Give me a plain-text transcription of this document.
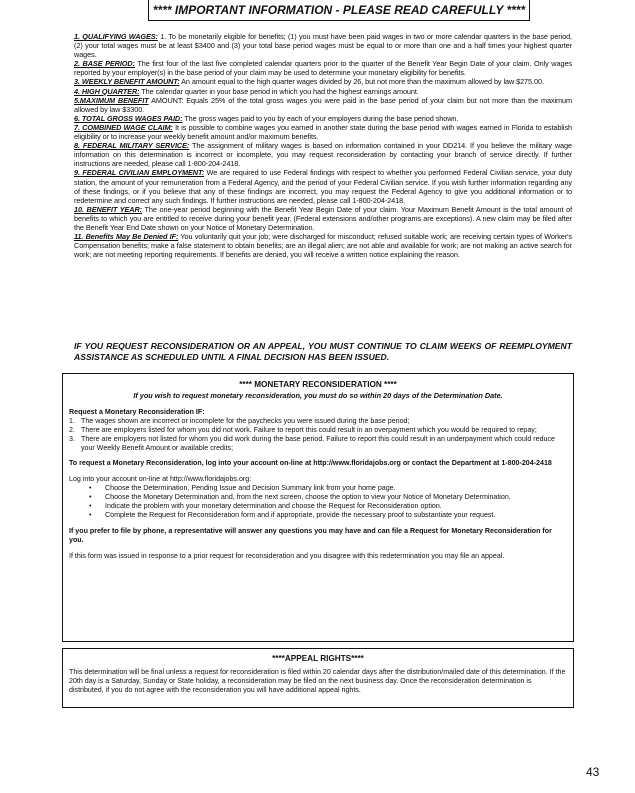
**** IMPORTANT INFORMATION - PLEASE READ CAREFULLY ****

1. QUALIFYING WAGES: 1. To be monetarily eligible for benefits; (1) you must have been paid wages in two or more calendar quarters in the base period, (2) your total wages must be at least $3400 and (3) your total base period wages must be equal to or more than one and a half times your highest quarter wages.

2. BASE PERIOD: The first four of the last five completed calendar quarters prior to the quarter of the Benefit Year Begin Date of your claim. Only wages reported by your employer(s) in the base period of your claim may be used to determine your monetary eligibility for benefits.

3. WEEKLY BENEFIT AMOUNT: An amount equal to the high quarter wages divided by 26, but not more than the maximum allowed by law $275.00.

4. HIGH QUARTER: The calendar quarter in your base period in which you had the highest earnings amount.

5.MAXIMUM BENEFIT AMOUNT: Equals 25% of the total gross wages you were paid in the base period of your claim but not more than the maximum allowed by law $3300.

6. TOTAL GROSS WAGES PAID: The gross wages paid to you by each of your employers during the base period shown.

7. COMBINED WAGE CLAIM: It is possible to combine wages you earned in another state during the base period with wages earned in Florida to establish eligibility or to increase your weekly benefit amount and/or maximum benefits.

8. FEDERAL MILITARY SERVICE: The assignment of military wages is based on information contained in your DD214. If you believe the military wage information on this determination is incorrect or incomplete, you may request reconsideration by contacting your branch of service directly. If further instructions are needed, please call 1-800-204-2418.

9. FEDERAL CIVILIAN EMPLOYMENT: We are required to use Federal findings with respect to whether you performed Federal Civilian service, your duty station, the amount of your remuneration from a Federal Agency, and the period of your Federal Civilian service. If you wish further information regarding any of these findings, or if you believe that any of these findings are incorrect, you may request the Federal Agency to give you additional information or to redetermine and correct any such findings. If further instructions are needed, please call 1-800-204-2418.

10. BENEFIT YEAR: The one-year period beginning with the Benefit Year Begin Date of your claim. Your Maximum Benefit Amount is the total amount of benefits to which you are entitled to receive during your benefit year. (Federal extensions and/other programs are exceptions). A new claim may be filed after the Benefit Year End Date shown on your Notice of Monetary Determination.

11. Benefits May Be Denied IF: You voluntarily quit your job; were discharged for misconduct; refused suitable work; are receiving certain types of Worker's Compensation benefits; make a false statement to obtain benefits; are an illegal alien; are not able and available for work; are not making an active search for work; are not meeting reporting requirements. If benefits are denied, you will receive a written notice explaining the reason.

IF YOU REQUEST RECONSIDERATION OR AN APPEAL, YOU MUST CONTINUE TO CLAIM WEEKS OF REEMPLOYMENT ASSISTANCE AS SCHEDULED UNTIL A FINAL DECISION HAS BEEN ISSUED.
**** MONETARY RECONSIDERATION ****
If you wish to request monetary reconsideration, you must do so within 20 days of the Determination Date.
Request a Monetary Reconsideration IF:
1. The wages shown are incorrect or incomplete for the paychecks you were issued during the base period;
2. There are employers listed for whom you did not work. Failure to report this could result in an overpayment which you would be required to repay;
3. There are employers not listed for whom you did work during the base period. Failure to report this could result in an underpayment which could reduce your Weekly Benefit Amount or available credits;
To request a Monetary Reconsideration, log into your account on-line at http://www.floridajobs.org or contact the Department at 1-800-204-2418
Log into your account on-line at http://www.floridajobs.org:
• Choose the Determination, Pending Issue and Decision Summary link from your home page.
• Choose the Monetary Determination and, from the next screen, choose the option to view your Notice of Monetary Determination.
• Indicate the problem with your monetary determination and choose the Request for Reconsideration option.
• Complete the Request for Reconsideration form and if appropriate, provide the necessary proof to substantiate your request.
If you prefer to file by phone, a representative will answer any questions you may have and can file a Request for Monetary Reconsideration for you.
If this form was issued in response to a prior request for reconsideration and you disagree with this redetermination you may file an appeal.
****APPEAL RIGHTS****
This determination will be final unless a request for reconsideration is filed within 20 calendar days after the distribution/mailed date of this determination. If the 20th day is a Saturday, Sunday or State holiday, a reconsideration may be filed on the next business day. Once the reconsideration determination is distributed, if you do not agree with the reconsideration you will have additional appeal rights.
43
